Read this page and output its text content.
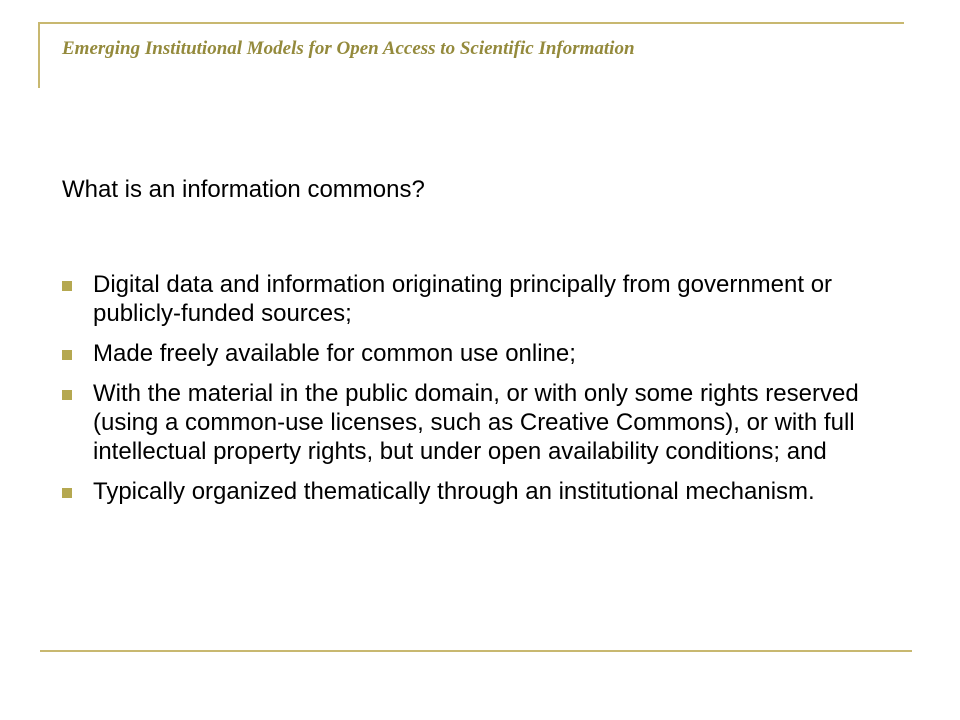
Emerging Institutional Models for Open Access to Scientific Information
What is an information commons?
Digital data and information originating principally from government or publicly-funded sources;
Made freely available for common use online;
With the material in the public domain, or with only some rights reserved (using a common-use licenses, such as Creative Commons), or with full intellectual property rights, but under open availability conditions; and
Typically organized thematically through an institutional mechanism.
